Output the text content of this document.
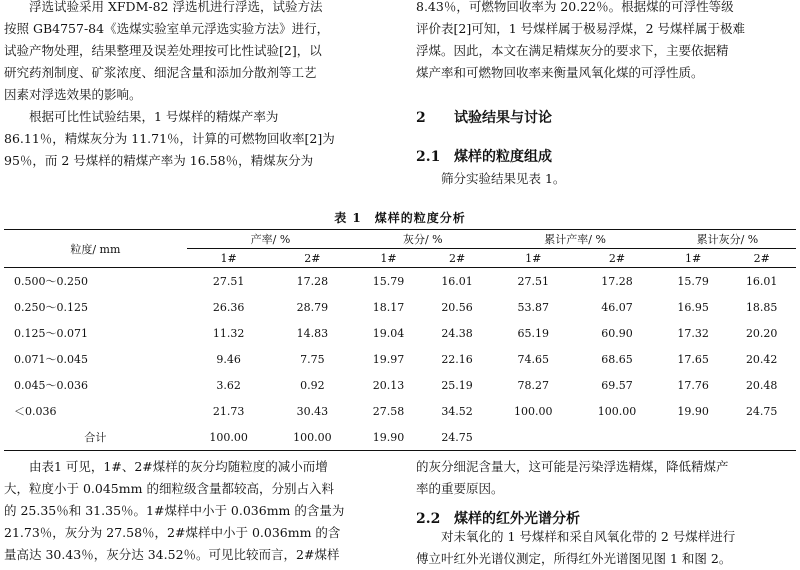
浮选试验采用 XFDM-82 浮选机进行浮选，试验方法
按照 GB4757-84《选煤实验室单元浮选实验方法》进行，
试验产物处理，结果整理及误差处理按可比性试验[2]，以
研究药剂制度、矿浆浓度、细泥含量和添加分散剂等工艺
因素对浮选效果的影响。
根据可比性试验结果，1 号煤样的精煤产率为
86.11％，精煤灰分为 11.71％，计算的可燃物回收率[2]为
95％，而 2 号煤样的精煤产率为 16.58％，精煤灰分为
8.43％，可燃物回收率为 20.22％。根据煤的可浮性等级
评价表[2]可知，1 号煤样属于极易浮煤，2 号煤样属于极难
浮煤。因此，本文在满足精煤灰分的要求下，主要依据精
煤产率和可燃物回收率来衡量风氧化煤的可浮性质。
2 试验结果与讨论
2.1 煤样的粒度组成
筛分实验结果见表 1。
表 1　煤样的粒度分析
粒度/ mm	产率/ %		灰分/ %		累计产率/ %		累计灰分/ %	
	1#	2#	1#	2#	1#	2#	1#	2#
0.500～0.250	27.51	17.28	15.79	16.01	27.51	17.28	15.79	16.01
0.250～0.125	26.36	28.79	18.17	20.56	53.87	46.07	16.95	18.85
0.125～0.071	11.32	14.83	19.04	24.38	65.19	60.90	17.32	20.20
0.071～0.045	9.46	7.75	19.97	22.16	74.65	68.65	17.65	20.42
0.045～0.036	3.62	0.92	20.13	25.19	78.27	69.57	17.76	20.48
＜0.036	21.73	30.43	27.58	34.52	100.00	100.00	19.90	24.75
合计	100.00	100.00	19.90	24.75				
由表1 可见，1#、2#煤样的灰分均随粒度的减小而增
大，粒度小于 0.045mm 的细粒级含量都较高，分别占入料
的 25.35％和 31.35％。1#煤样中小于 0.036mm 的含量为
21.73％，灰分为 27.58％，2#煤样中小于 0.036mm 的含
量高达 30.43％，灰分达 34.52％。可见比较而言，2#煤样
的灰分细泥含量大，这可能是污染浮选精煤，降低精煤产
率的重要原因。
2.2 煤样的红外光谱分析
对未氧化的 1 号煤样和采自风氧化带的 2 号煤样进行
傅立叶红外光谱仪测定，所得红外光谱图见图 1 和图 2。
